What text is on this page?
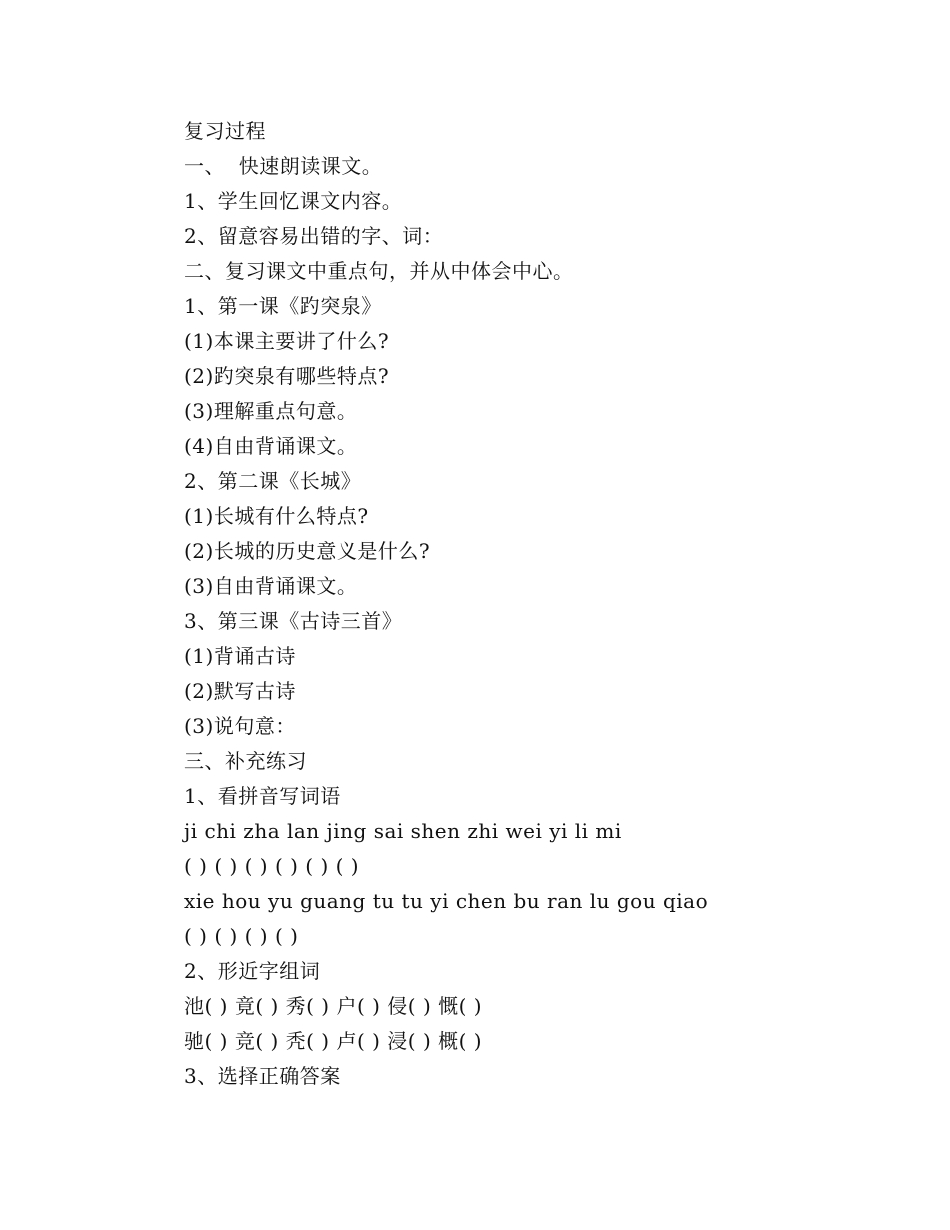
复习过程
一、  快速朗读课文。
1、学生回忆课文内容。
2、留意容易出错的字、词：
二、复习课文中重点句，并从中体会中心。
1、第一课《趵突泉》
(1)本课主要讲了什么?
(2)趵突泉有哪些特点?
(3)理解重点句意。
(4)自由背诵课文。
2、第二课《长城》
(1)长城有什么特点?
(2)长城的历史意义是什么?
(3)自由背诵课文。
3、第三课《古诗三首》
(1)背诵古诗
(2)默写古诗
(3)说句意：
三、补充练习
1、看拼音写词语
ji chi zha lan jing sai shen zhi wei yi li mi
( ) ( ) ( ) ( ) ( ) ( )
xie hou yu guang tu tu yi chen bu ran lu gou qiao
( ) ( ) ( ) ( )
2、形近字组词
池( ) 竟( ) 秀( ) 户( ) 侵( ) 慨( )
驰( ) 竞( ) 秃( ) 卢( ) 浸( ) 概( )
3、选择正确答案
